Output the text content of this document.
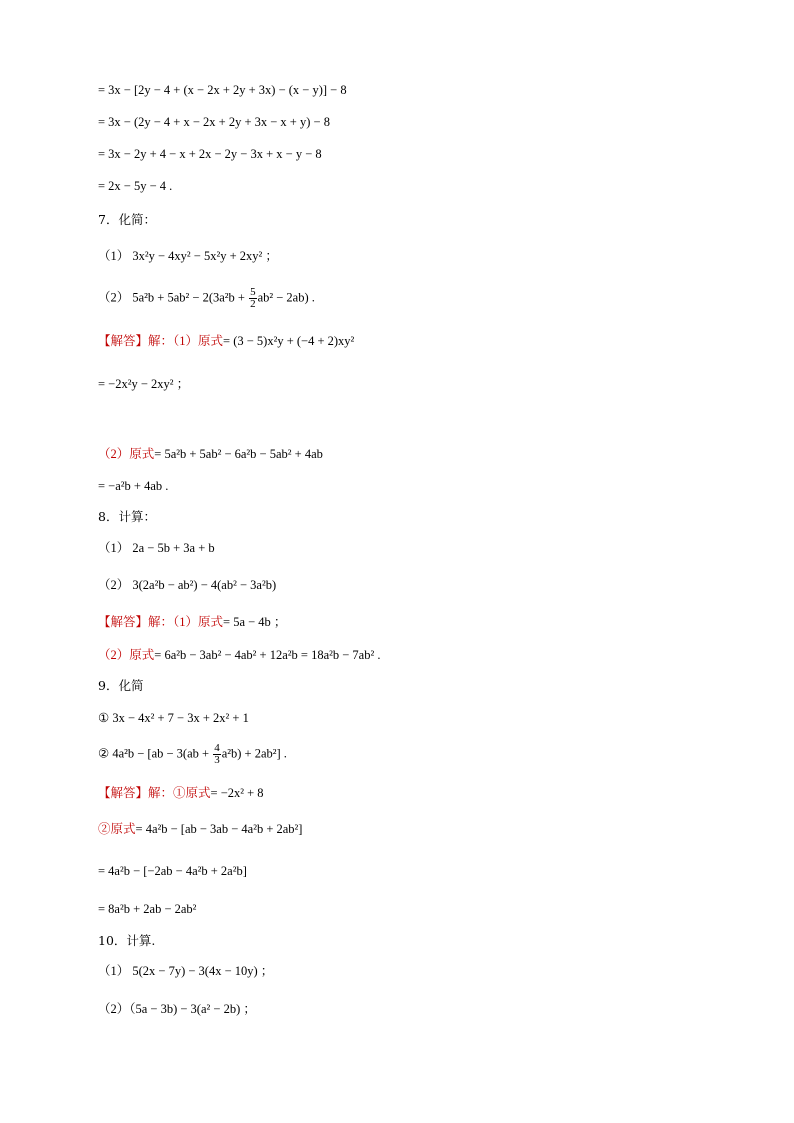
= 3x − [2y − 4 + (x − 2x + 2y + 3x) − (x − y)] − 8
= 3x − (2y − 4 + x − 2x + 2y + 3x − x + y) − 8
= 3x − 2y + 4 − x + 2x − 2y − 3x + x − y − 8
= 2x − 5y − 4 .
7．化简：
（1） 3x²y − 4xy² − 5x²y + 2xy² ；
（2） $5a^2b + 5ab^2 - 2(3a^2b + \frac{5}{2} ab^2 - 2ab)$ .
【解答】解：（1）原式= (3 − 5)x²y + (−4 + 2)xy²
= −2x²y − 2xy² ；
（2）原式= 5a²b + 5ab² − 6a²b − 5ab² + 4ab
= −a²b + 4ab .
8．计算：
（1） 2a − 5b + 3a + b
（2） 3(2a²b − ab²) − 4(ab² − 3a²b)
【解答】解：（1）原式= 5a − 4b ；
（2）原式= 6a²b − 3ab² − 4ab² + 12a²b = 18a²b − 7ab² .
9．化简
① 3x − 4x² + 7 − 3x + 2x² + 1
② $4a^2b - [ab - 3(ab + \frac{4}{3} a^2b) + 2ab^2]$ .
【解答】解：①原式= −2x² + 8
②原式= 4a²b − [ab − 3ab − 4a²b + 2ab²]
= 4a²b − [−2ab − 4a²b + 2a²b]
= 8a²b + 2ab − 2ab²
10．计算.
（1） 5(2x − 7y) − 3(4x − 10y) ；
（2）（5a − 3b) − 3(a² − 2b) ；
